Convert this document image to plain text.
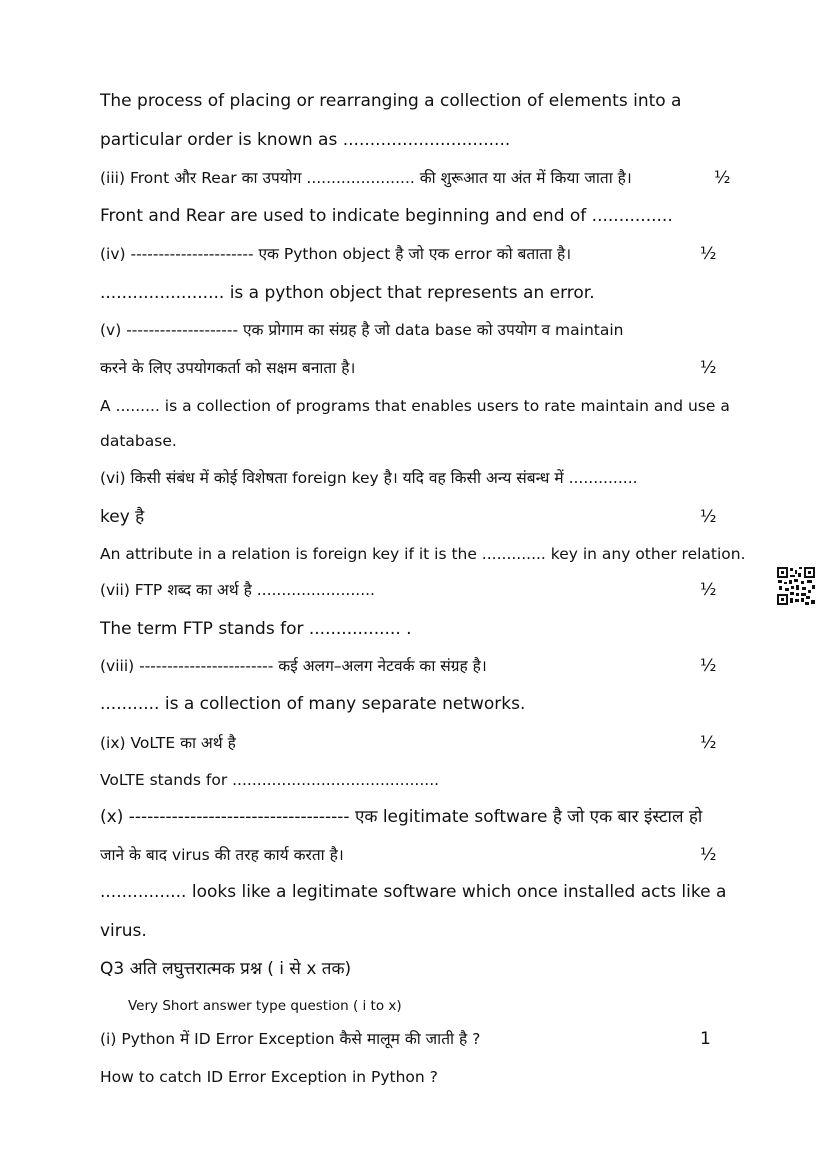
The process of placing or rearranging a collection of elements into a
particular order is known as ...............................
(iii) Front और Rear का उपयोग ...................... की शुरूआत या अंत में किया जाता है।	½
Front and Rear are used to indicate beginning and end of ...............
(iv) ---------------------- एक Python object है जो एक error को बताता है।	½
....................... is a python object that represents an error.
(v) -------------------- एक प्रोगाम का संग्रह है जो data base को उपयोग व maintain
करने के लिए उपयोगकर्ता को सक्षम बनाता है।	½
A ......... is a collection of programs that enables users to rate maintain and use a
database.
(vi) किसी संबंध में कोई विशेषता foreign key है। यदि वह किसी अन्य संबन्ध में ..............
key है	½
An attribute in a relation is foreign key if it is the ............. key in any other relation.
(vii) FTP शब्द का अर्थ है ........................	½
The term FTP stands for ................. .
(viii) ------------------------ कई अलग–अलग नेटवर्क का संग्रह है।	½
........... is a collection of many separate networks.
(ix) VoLTE का अर्थ है	½
VoLTE stands for ..........................................
(x) ------------------------------------ एक legitimate software है जो एक बार इंस्टाल हो
जाने के बाद virus की तरह कार्य करता है।	½
................ looks like a legitimate software which once installed acts like a
virus.
Q3 अति लघुत्तरात्मक प्रश्न ( i से x तक)
Very Short answer type question ( i to x)
(i) Python में ID Error Exception कैसे मालूम की जाती है ?	1
How to catch ID Error Exception in Python ?
